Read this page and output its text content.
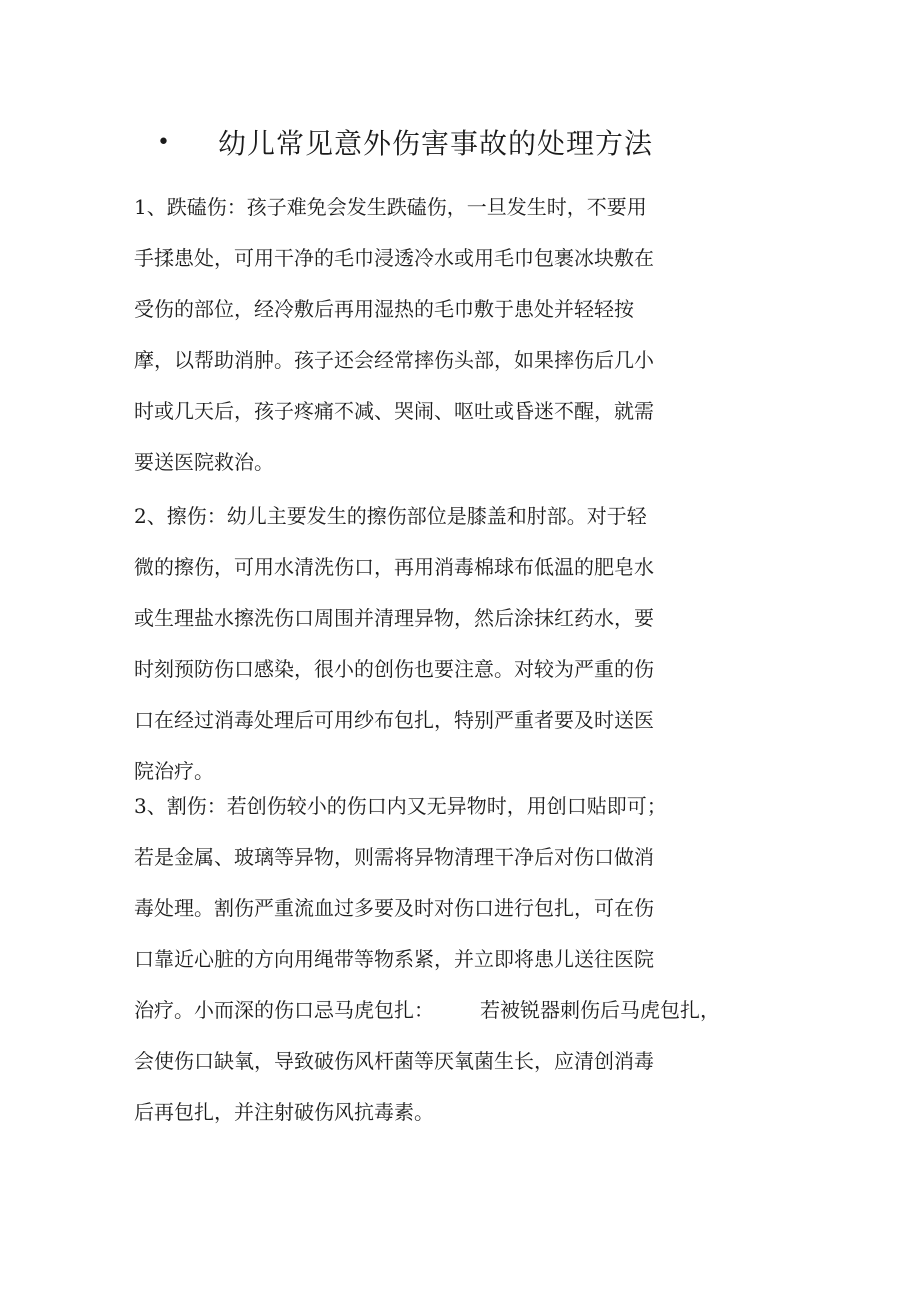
• 幼儿常见意外伤害事故的处理方法
1、跌磕伤：孩子难免会发生跌磕伤，一旦发生时，不要用
手揉患处，可用干净的毛巾浸透冷水或用毛巾包裹冰块敷在
受伤的部位，经冷敷后再用湿热的毛巾敷于患处并轻轻按
摩，以帮助消肿。孩子还会经常摔伤头部，如果摔伤后几小
时或几天后，孩子疼痛不减、哭闹、呕吐或昏迷不醒，就需
要送医院救治。
2、擦伤：幼儿主要发生的擦伤部位是膝盖和肘部。对于轻
微的擦伤，可用水清洗伤口，再用消毒棉球布低温的肥皂水
或生理盐水擦洗伤口周围并清理异物，然后涂抹红药水，要
时刻预防伤口感染，很小的创伤也要注意。对较为严重的伤
口在经过消毒处理后可用纱布包扎，特别严重者要及时送医
院治疗。
3、割伤：若创伤较小的伤口内又无异物时，用创口贴即可；
若是金属、玻璃等异物，则需将异物清理干净后对伤口做消
毒处理。割伤严重流血过多要及时对伤口进行包扎，可在伤
口靠近心脏的方向用绳带等物系紧，并立即将患儿送往医院
治疗。小而深的伤口忌马虎包扎： 若被锐器刺伤后马虎包扎，
会使伤口缺氧，导致破伤风杆菌等厌氧菌生长，应清创消毒
后再包扎，并注射破伤风抗毒素。
